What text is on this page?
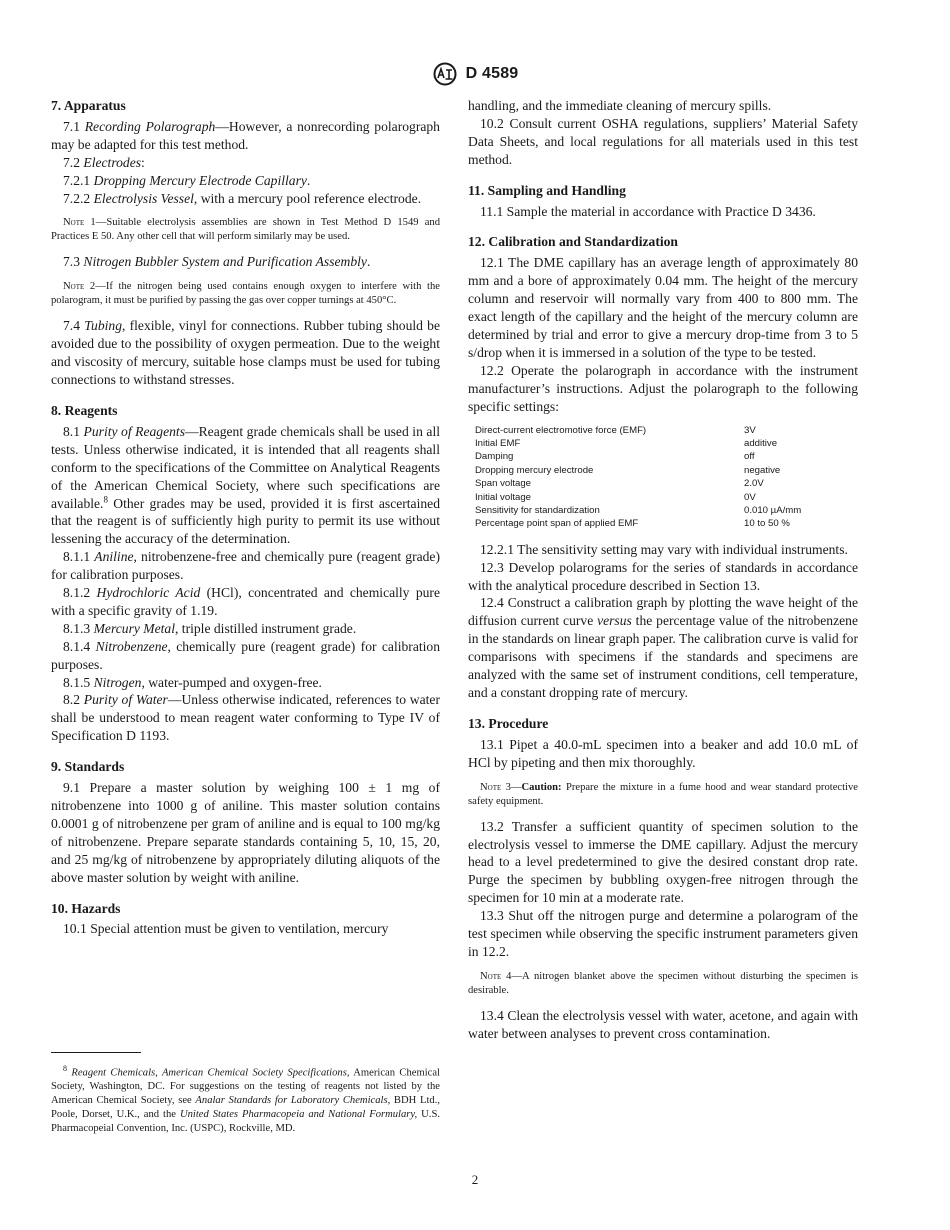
D 4589
7. Apparatus

7.1 Recording Polarograph—However, a nonrecording polarograph may be adapted for this test method.

7.2 Electrodes:

7.2.1 Dropping Mercury Electrode Capillary.

7.2.2 Electrolysis Vessel, with a mercury pool reference electrode.

Note 1—Suitable electrolysis assemblies are shown in Test Method D 1549 and Practices E 50. Any other cell that will perform similarly may be used.

7.3 Nitrogen Bubbler System and Purification Assembly.

Note 2—If the nitrogen being used contains enough oxygen to interfere with the polarogram, it must be purified by passing the gas over copper turnings at 450°C.

7.4 Tubing, flexible, vinyl for connections. Rubber tubing should be avoided due to the possibility of oxygen permeation. Due to the weight and viscosity of mercury, suitable hose clamps must be used for tubing connections to withstand stresses.

8. Reagents

8.1 Purity of Reagents—Reagent grade chemicals shall be used in all tests. Unless otherwise indicated, it is intended that all reagents shall conform to the specifications of the Committee on Analytical Reagents of the American Chemical Society, where such specifications are available.$^8$ Other grades may be used, provided it is first ascertained that the reagent is of sufficiently high purity to permit its use without lessening the accuracy of the determination.

8.1.1 Aniline, nitrobenzene-free and chemically pure (reagent grade) for calibration purposes.

8.1.2 Hydrochloric Acid (HCl), concentrated and chemically pure with a specific gravity of 1.19.

8.1.3 Mercury Metal, triple distilled instrument grade.

8.1.4 Nitrobenzene, chemically pure (reagent grade) for calibration purposes.

8.1.5 Nitrogen, water-pumped and oxygen-free.

8.2 Purity of Water—Unless otherwise indicated, references to water shall be understood to mean reagent water conforming to Type IV of Specification D 1193.

9. Standards

9.1 Prepare a master solution by weighing 100 ± 1 mg of nitrobenzene into 1000 g of aniline. This master solution contains 0.0001 g of nitrobenzene per gram of aniline and is equal to 100 mg/kg of nitrobenzene. Prepare separate standards containing 5, 10, 15, 20, and 25 mg/kg of nitrobenzene by appropriately diluting aliquots of the above master solution by weight with aniline.

10. Hazards

10.1 Special attention must be given to ventilation, mercury

$^8$ Reagent Chemicals, American Chemical Society Specifications, American Chemical Society, Washington, DC. For suggestions on the testing of reagents not listed by the American Chemical Society, see Analar Standards for Laboratory Chemicals, BDH Ltd., Poole, Dorset, U.K., and the United States Pharmacopeia and National Formulary, U.S. Pharmacopeial Convention, Inc. (USPC), Rockville, MD.

handling, and the immediate cleaning of mercury spills.

10.2 Consult current OSHA regulations, suppliers’ Material Safety Data Sheets, and local regulations for all materials used in this test method.

11. Sampling and Handling

11.1 Sample the material in accordance with Practice D 3436.

12. Calibration and Standardization

12.1 The DME capillary has an average length of approximately 80 mm and a bore of approximately 0.04 mm. The height of the mercury column and reservoir will normally vary from 400 to 800 mm. The exact length of the capillary and the height of the mercury column are determined by trial and error to give a mercury drop-time from 3 to 5 s/drop when it is immersed in a solution of the type to be tested.

12.2 Operate the polarograph in accordance with the instrument manufacturer’s instructions. Adjust the polarograph to the following specific settings:

Direct-current electromotive force (EMF)	3V
Initial EMF	additive
Damping	off
Dropping mercury electrode	negative
Span voltage	2.0V
Initial voltage	0V
Sensitivity for standardization	0.010 µA/mm
Percentage point span of applied EMF	10 to 50 %

12.2.1 The sensitivity setting may vary with individual instruments.

12.3 Develop polarograms for the series of standards in accordance with the analytical procedure described in Section 13.

12.4 Construct a calibration graph by plotting the wave height of the diffusion current curve versus the percentage value of the nitrobenzene in the standards on linear graph paper. The calibration curve is valid for comparisons with specimens if the standards and specimens are analyzed with the same set of instrument conditions, cell temperature, and a constant dropping rate of mercury.

13. Procedure

13.1 Pipet a 40.0-mL specimen into a beaker and add 10.0 mL of HCl by pipeting and then mix thoroughly.

Note 3—Caution: Prepare the mixture in a fume hood and wear standard protective safety equipment.

13.2 Transfer a sufficient quantity of specimen solution to the electrolysis vessel to immerse the DME capillary. Adjust the mercury head to a level predetermined to give the desired constant drop rate. Purge the specimen by bubbling oxygen-free nitrogen through the specimen for 10 min at a moderate rate.

13.3 Shut off the nitrogen purge and determine a polarogram of the test specimen while observing the specific instrument parameters given in 12.2.

Note 4—A nitrogen blanket above the specimen without disturbing the specimen is desirable.

13.4 Clean the electrolysis vessel with water, acetone, and again with water between analyses to prevent cross contamination.

2
